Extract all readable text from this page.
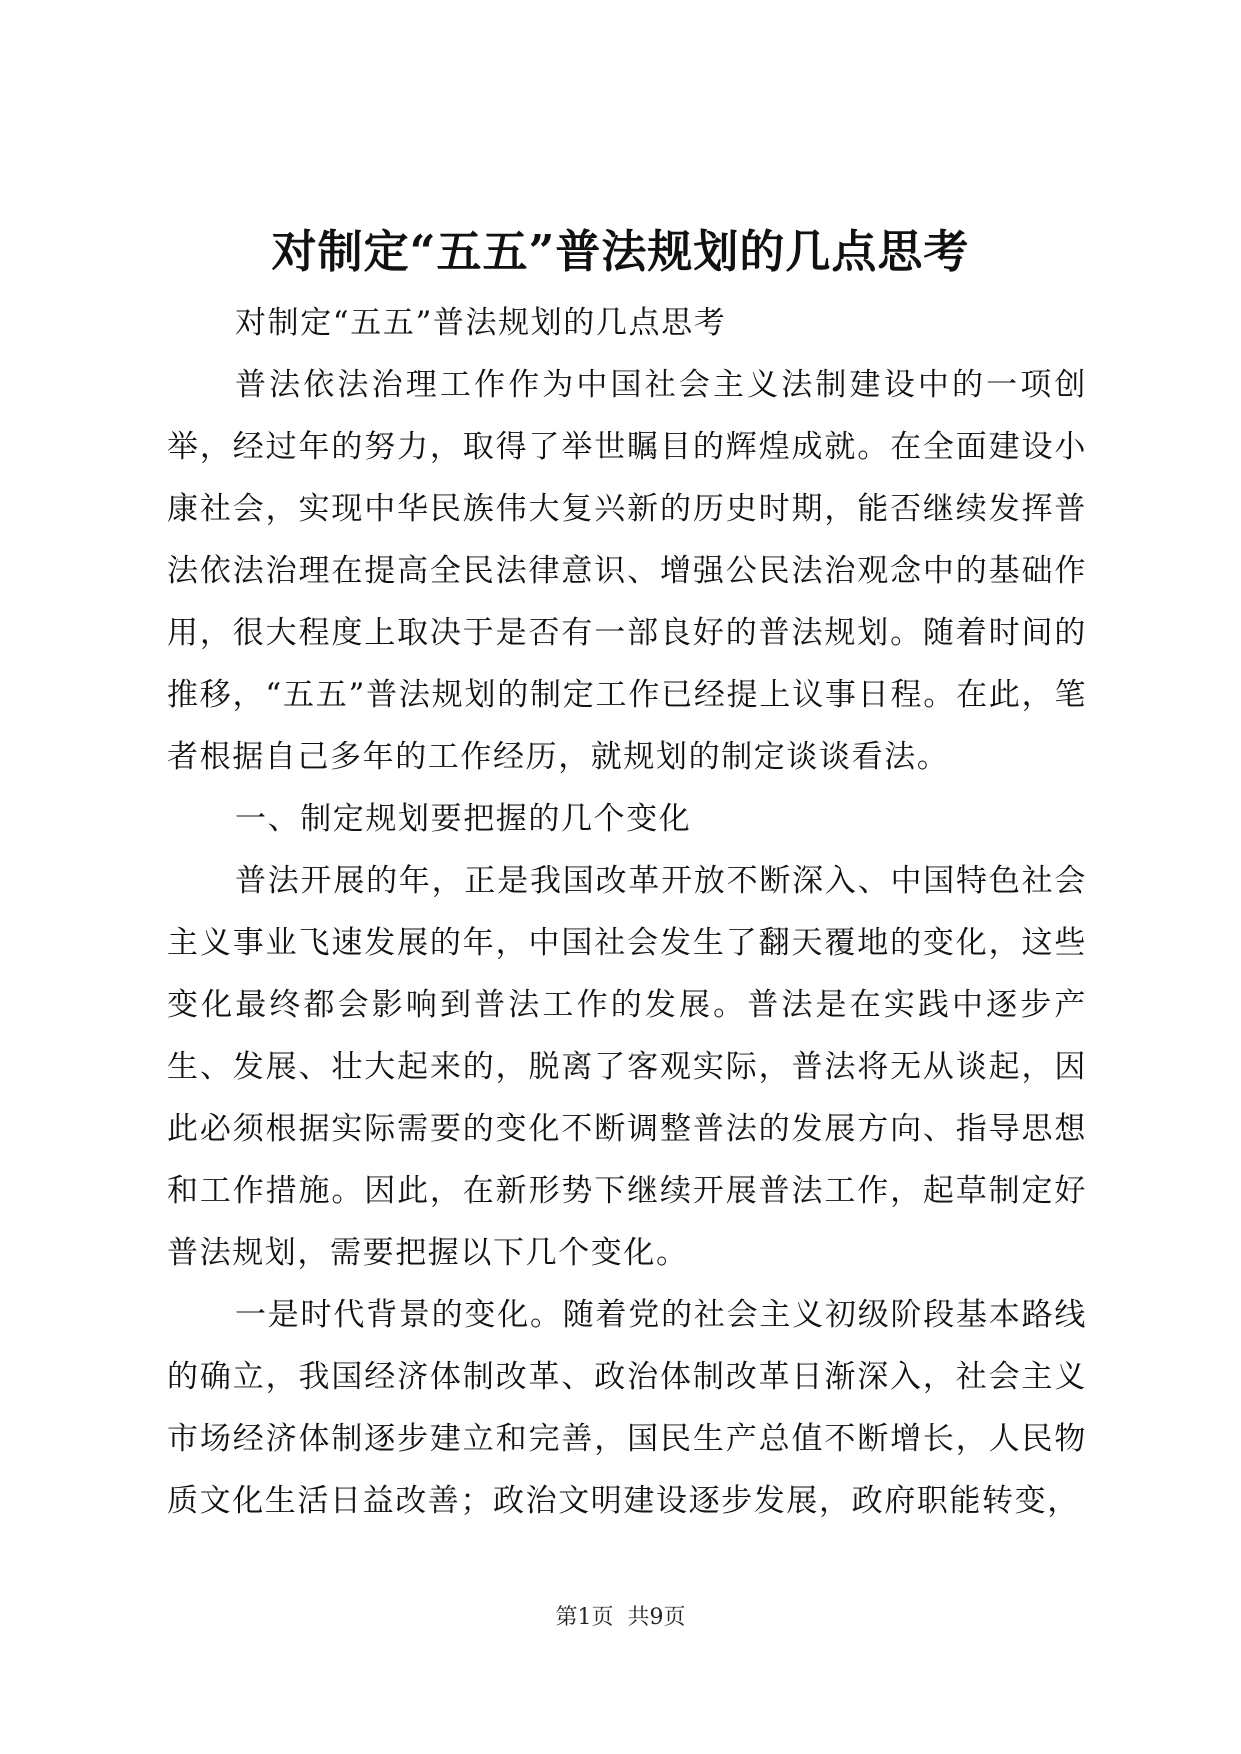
对制定“五五”普法规划的几点思考

对制定“五五”普法规划的几点思考

普法依法治理工作作为中国社会主义法制建设中的一项创举，经过年的努力，取得了举世瞩目的辉煌成就。在全面建设小康社会，实现中华民族伟大复兴新的历史时期，能否继续发挥普法依法治理在提高全民法律意识、增强公民法治观念中的基础作用，很大程度上取决于是否有一部良好的普法规划。随着时间的推移，“五五”普法规划的制定工作已经提上议事日程。在此，笔者根据自己多年的工作经历，就规划的制定谈谈看法。

一、制定规划要把握的几个变化

普法开展的年，正是我国改革开放不断深入、中国特色社会主义事业飞速发展的年，中国社会发生了翻天覆地的变化，这些变化最终都会影响到普法工作的发展。普法是在实践中逐步产生、发展、壮大起来的，脱离了客观实际，普法将无从谈起，因此必须根据实际需要的变化不断调整普法的发展方向、指导思想和工作措施。因此，在新形势下继续开展普法工作，起草制定好普法规划，需要把握以下几个变化。

一是时代背景的变化。随着党的社会主义初级阶段基本路线的确立，我国经济体制改革、政治体制改革日渐深入，社会主义市场经济体制逐步建立和完善，国民生产总值不断增长，人民物质文化生活日益改善；政治文明建设逐步发展，政府职能转变，

第1页 共9页
